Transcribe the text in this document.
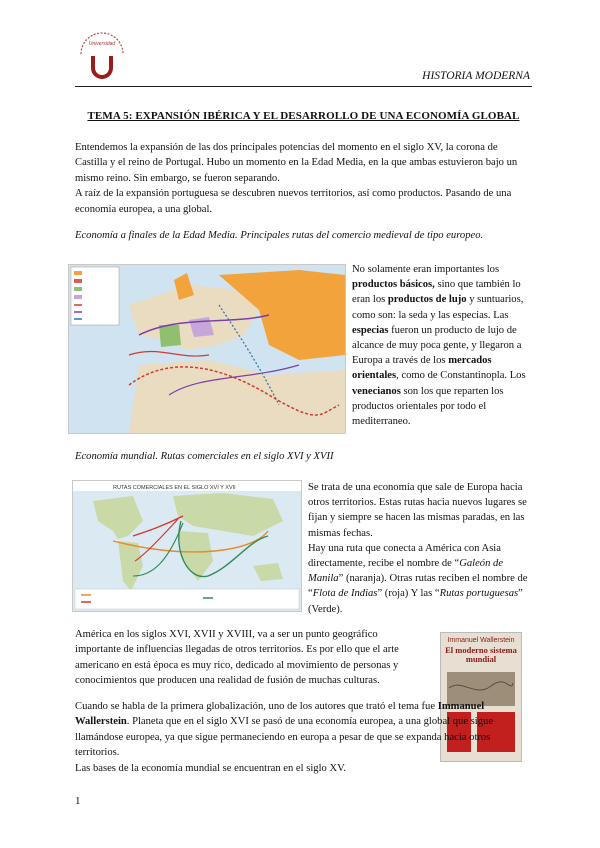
Universidad
HISTORIA MODERNA
TEMA 5: EXPANSIÓN IBÉRICA Y EL DESARROLLO DE UNA ECONOMÍA GLOBAL
Entendemos la expansión de las dos principales potencias del momento en el siglo XV, la corona de Castilla y el reino de Portugal. Hubo un momento en la Edad Media, en la que ambas estuvieron bajo un mismo reino. Sin embargo, se fueron separando.
A raíz de la expansión portuguesa se descubren nuevos territorios, así como productos. Pasando de una economía europea, a una global.
Economía a finales de la Edad Media. Principales rutas del comercio medieval de tipo europeo.
No solamente eran importantes los productos básicos, sino que también lo eran los productos de lujo y suntuarios, como son: la seda y las especias. Las especias fueron un producto de lujo de alcance de muy poca gente, y llegaron a Europa a través de los mercados orientales, como de Constantinopla. Los venecianos son los que reparten los productos orientales por todo el mediterraneo.
Economía mundial. Rutas comerciales en el siglo XVI y XVII
RUTAS COMERCIALES EN EL SIGLO XVI Y XVII	Se trata de una economía que sale de Europa hacia otros territorios. Estas rutas hacia nuevos lugares se fijan y siempre se hacen las mismas paradas, en las mismas fechas.
Hay una ruta que conecta a América con Asia directamente, recibe el nombre de “Galeón de Manila” (naranja). Otras rutas reciben el nombre de “Flota de Indias” (roja) Y las “Rutas portuguesas” (Verde).
América en los siglos XVI, XVII y XVIII, va a ser un punto geográfico importante de influencias llegadas de otros territorios. Es por ello que el arte americano en está época es muy rico, dedicado al movimiento de personas y conocimientos que producen una realidad de fusión de muchas culturas.
Immanuel Wallerstein
El moderno sistema mundial
Cuando se habla de la primera globalización, uno de los autores que trató el tema fue Immanuel Wallerstein. Planeta que en el siglo XVI se pasó de una economía europea, a una global que sigue llamándose europea, ya que sigue permaneciendo en europa a pesar de que se expanda hacia otros territorios.
Las bases de la economía mundial se encuentran en el siglo XV.
1
